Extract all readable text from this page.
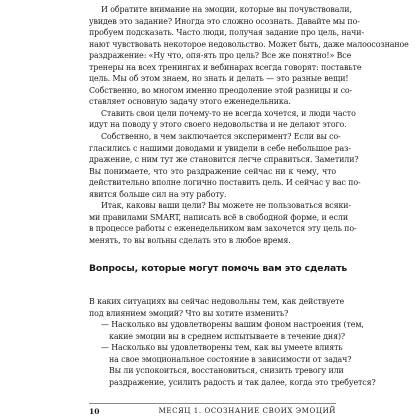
И обратите внимание на эмоции, которые вы почувствовали,
увидев это задание? Иногда это сложно осознать. Давайте мы по-
пробуем подсказать. Часто люди, получая задание про цель, начи-
нают чувствовать некоторое недовольство. Может быть, даже малоосознаное
раздражение: «Ну что, опя-ять про цель? Все же понятно!» Все
тренеры на всех тренингах и вебинарах всегда говорят: поставьте
цель. Мы об этом знаем, но знать и делать — это разные вещи!
Собственно, во многом именно преодоление этой разницы и со-
ставляет основную задачу этого еженедельника.
Ставить свои цели почему-то не всегда хочется, и люди часто
идут на поводу у этого своего недовольства и не делают этого.
Собственно, в чем заключается эксперимент? Если вы со-
гласились с нашими доводами и увидели в себе небольшое раз-
дражение, с ним тут же становится легче справиться. Заметили?
Вы понимаете, что это раздражение сейчас ни к чему, что
действительно вполне логично поставить цель. И сейчас у вас по-
явится больше сил на эту работу.
Итак, каковы ваши цели? Вы можете не пользоваться всяки-
ми правилами SMART, написать всё в свободной форме, и если
в процессе работы с еженедельником вам захочется эту цель по-
менять, то вы вольны сделать это в любое время.
Вопросы, которые могут помочь вам это сделать
В каких ситуациях вы сейчас недовольны тем, как действуете
под влиянием эмоций? Что вы хотите изменить?
— Насколько вы удовлетворены вашим фоном настроения (тем,
какие эмоции вы в среднем испытываете в течение дня)?
— Насколько вы удовлетворены тем, как вы умеете влиять
на свое эмоциональное состояние в зависимости от задач?
Вы ли успокоиться, восстановиться, снизить тревогу или
раздражение, усилить радость и так далее, когда это требуется?
10	МЕСЯЦ 1. ОСОЗНАНИЕ СВОИХ ЭМОЦИЙ
